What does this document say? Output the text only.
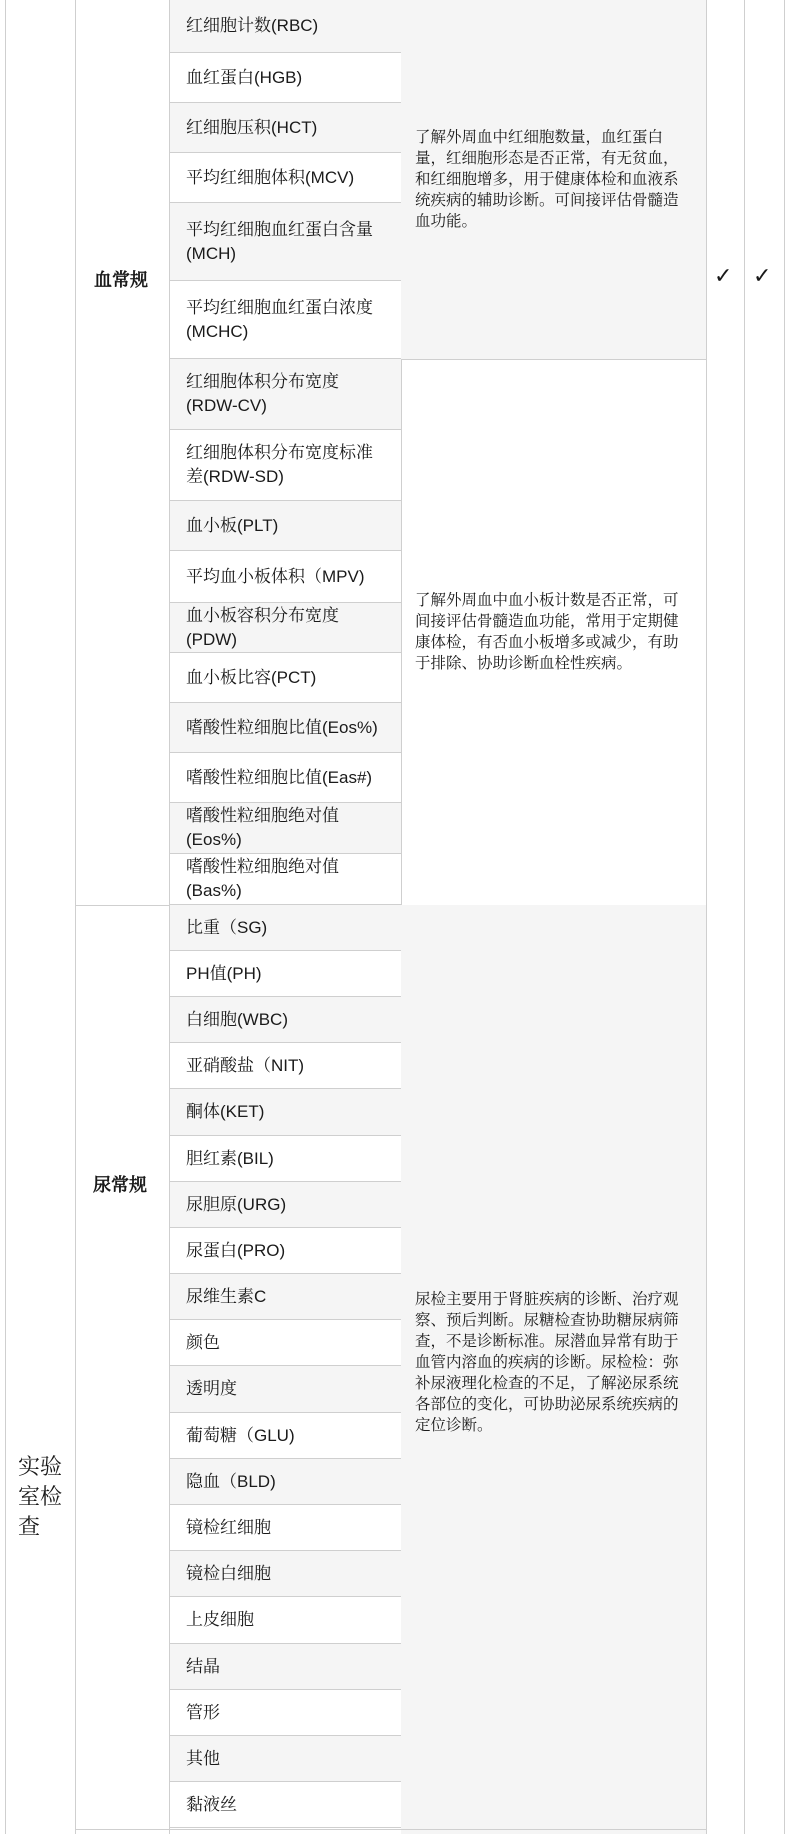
实验室检查
血常规	✓ ✓
尿常规
了解外周血中红细胞数量，血红蛋白量，红细胞形态是否正常，有无贫血，和红细胞增多，用于健康体检和血液系统疾病的辅助诊断。可间接评估骨髓造血功能。
了解外周血中血小板计数是否正常，可间接评估骨髓造血功能，常用于定期健康体检，有否血小板增多或减少，有助于排除、协助诊断血栓性疾病。
尿检主要用于肾脏疾病的诊断、治疗观察、预后判断。尿糖检查协助糖尿病筛查，不是诊断标准。尿潜血异常有助于血管内溶血的疾病的诊断。尿检检：弥补尿液理化检查的不足，了解泌尿系统各部位的变化，可协助泌尿系统疾病的定位诊断。
红细胞计数(RBC)
血红蛋白(HGB)
红细胞压积(HCT)
平均红细胞体积(MCV)
平均红细胞血红蛋白含量(MCH)
平均红细胞血红蛋白浓度(MCHC)
红细胞体积分布宽度(RDW-CV)
红细胞体积分布宽度标准差(RDW-SD)
血小板(PLT)
平均血小板体积（MPV)
血小板容积分布宽度(PDW)
血小板比容(PCT)
嗜酸性粒细胞比值(Eos%)
嗜酸性粒细胞比值(Eas#)
嗜酸性粒细胞绝对值(Eos%)
嗜酸性粒细胞绝对值(Bas%)
比重（SG)
PH值(PH)
白细胞(WBC)
亚硝酸盐（NIT)
酮体(KET)
胆红素(BIL)
尿胆原(URG)
尿蛋白(PRO)
尿维生素C
颜色
透明度
葡萄糖（GLU)
隐血（BLD)
镜检红细胞
镜检白细胞
上皮细胞
结晶
管形
其他
黏液丝
